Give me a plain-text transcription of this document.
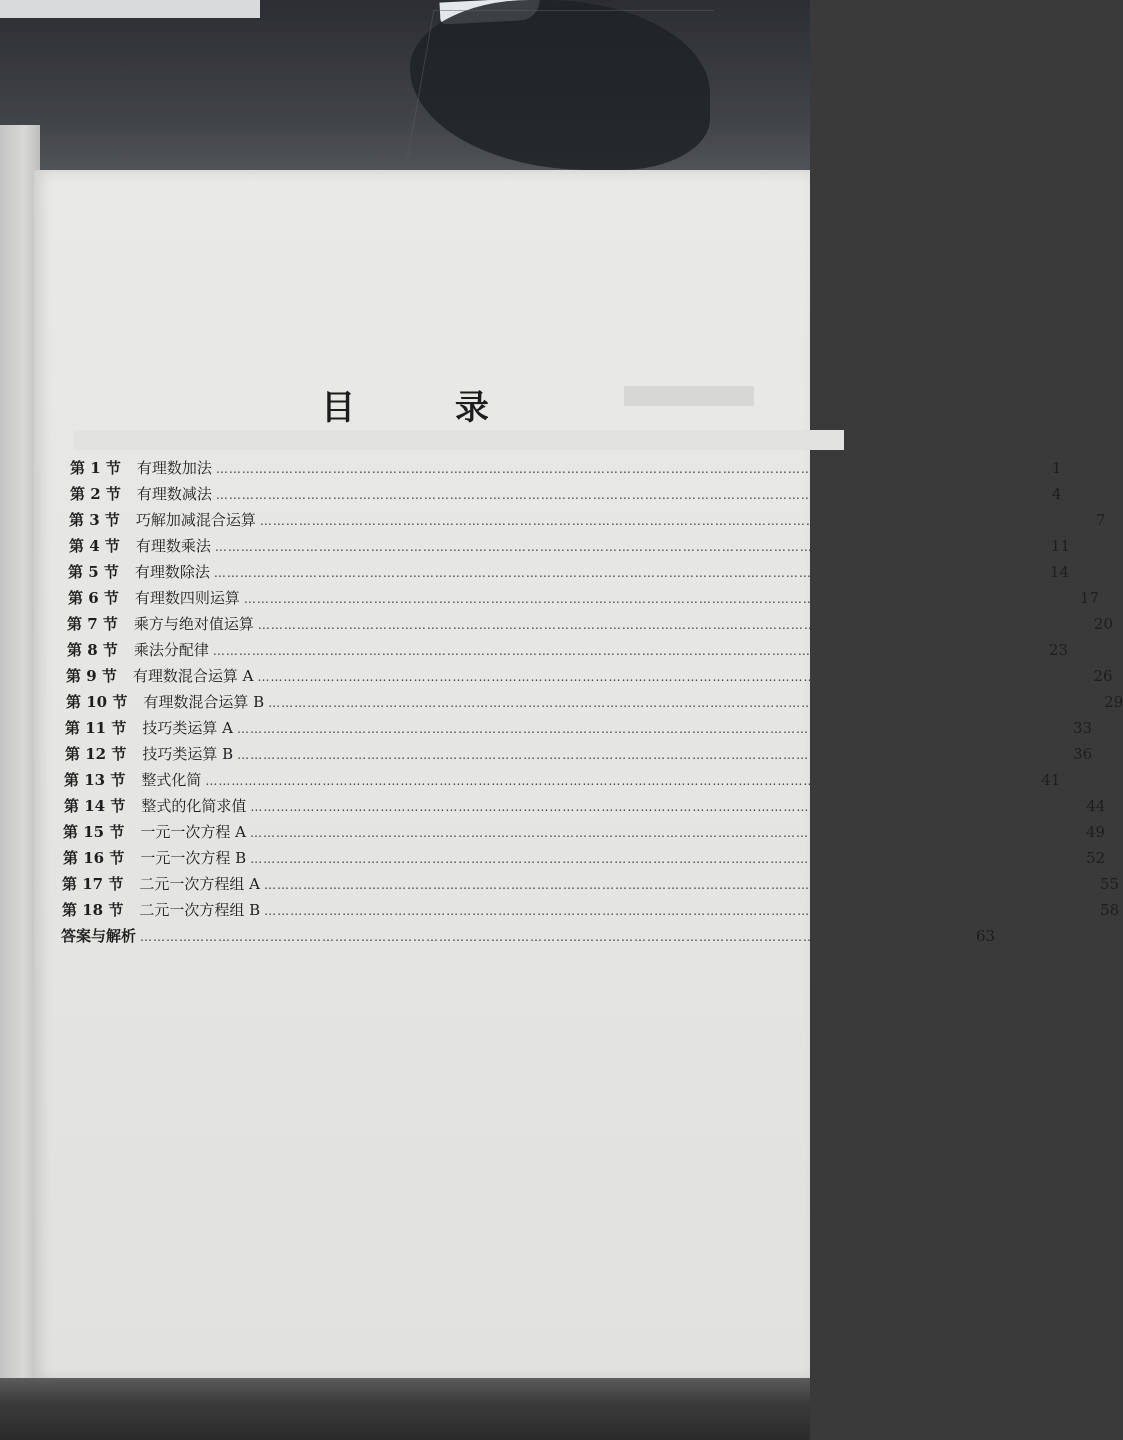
目 录
第 1 节 有理数加法 ………………………………………………………………………………………………………………………………………………………………………… 1
第 2 节 有理数减法 ………………………………………………………………………………………………………………………………………………………………………… 4
第 3 节 巧解加减混合运算 ………………………………………………………………………………………………………………………………………………………………………… 7
第 4 节 有理数乘法 ………………………………………………………………………………………………………………………………………………………………………… 11
第 5 节 有理数除法 ………………………………………………………………………………………………………………………………………………………………………… 14
第 6 节 有理数四则运算 ………………………………………………………………………………………………………………………………………………………………………… 17
第 7 节 乘方与绝对值运算 ………………………………………………………………………………………………………………………………………………………………………… 20
第 8 节 乘法分配律 ………………………………………………………………………………………………………………………………………………………………………… 23
第 9 节 有理数混合运算 A ………………………………………………………………………………………………………………………………………………………………………… 26
第 10 节 有理数混合运算 B ………………………………………………………………………………………………………………………………………………………………………… 29
第 11 节 技巧类运算 A ………………………………………………………………………………………………………………………………………………………………………… 33
第 12 节 技巧类运算 B ………………………………………………………………………………………………………………………………………………………………………… 36
第 13 节 整式化简 ………………………………………………………………………………………………………………………………………………………………………… 41
第 14 节 整式的化简求值 ………………………………………………………………………………………………………………………………………………………………………… 44
第 15 节 一元一次方程 A ………………………………………………………………………………………………………………………………………………………………………… 49
第 16 节 一元一次方程 B ………………………………………………………………………………………………………………………………………………………………………… 52
第 17 节 二元一次方程组 A ………………………………………………………………………………………………………………………………………………………………………… 55
第 18 节 二元一次方程组 B ………………………………………………………………………………………………………………………………………………………………………… 58
答案与解析 ………………………………………………………………………………………………………………………………………………………………………… 63
